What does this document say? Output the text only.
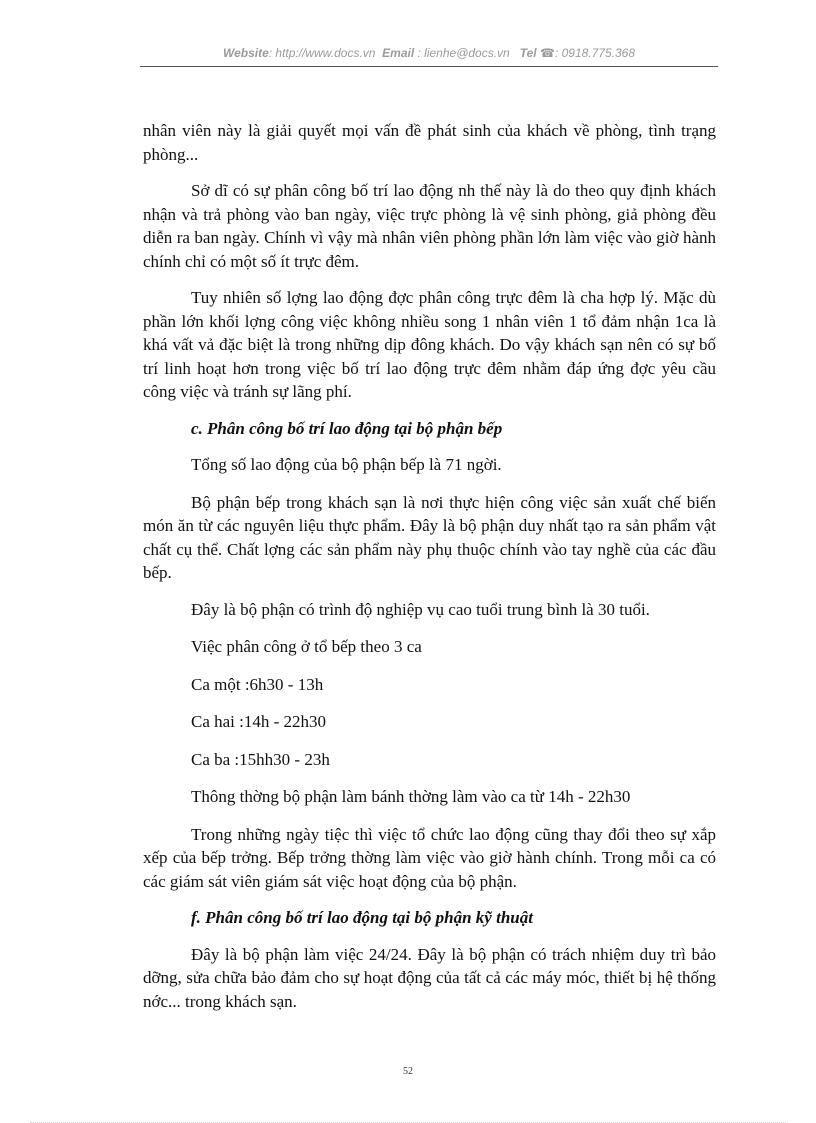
Website: http://www.docs.vn Email : lienhe@docs.vn Tel ☎: 0918.775.368

nhân viên này là giải quyết mọi vấn đề phát sinh của khách về phòng, tình trạng phòng...

Sở dĩ có sự phân công bố trí lao động nh thế này là do theo quy định khách nhận và trả phòng vào ban ngày, việc trực phòng là vệ sinh phòng, giả phòng đều diễn ra ban ngày. Chính vì vậy mà nhân viên phòng phần lớn làm việc vào giờ hành chính chỉ có một số ít trực đêm.

Tuy nhiên số lợng lao động đợc phân công trực đêm là cha hợp lý. Mặc dù phần lớn khối lợng công việc không nhiều song 1 nhân viên 1 tổ đảm nhận 1ca là khá vất vả đặc biệt là trong những dịp đông khách. Do vậy khách sạn nên có sự bố trí linh hoạt hơn trong việc bố trí lao động trực đêm nhằm đáp ứng đợc yêu cầu công việc và tránh sự lãng phí.

c. Phân công bố trí lao động tại bộ phận bếp

Tổng số lao động của bộ phận bếp là 71 ngời.

Bộ phận bếp trong khách sạn là nơi thực hiện công việc sản xuất chế biến món ăn từ các nguyên liệu thực phẩm. Đây là bộ phận duy nhất tạo ra sản phẩm vật chất cụ thể. Chất lợng các sản phẩm này phụ thuộc chính vào tay nghề của các đầu bếp.

Đây là bộ phận có trình độ nghiệp vụ cao tuổi trung bình là 30 tuổi.

Việc phân công ở tổ bếp theo 3 ca

Ca một :6h30 - 13h

Ca hai :14h - 22h30

Ca ba :15hh30 - 23h

Thông thờng bộ phận làm bánh thờng làm vào ca từ 14h - 22h30

Trong những ngày tiệc thì việc tổ chức lao động cũng thay đổi theo sự xắp xếp của bếp trởng. Bếp trởng thờng làm việc vào giờ hành chính. Trong mỗi ca có các giám sát viên giám sát việc hoạt động của bộ phận.

f. Phân công bố trí lao động tại bộ phận kỹ thuật

Đây là bộ phận làm việc 24/24. Đây là bộ phận có trách nhiệm duy trì bảo dỡng, sửa chữa bảo đảm cho sự hoạt động của tất cả các máy móc, thiết bị hệ thống nớc... trong khách sạn.

52
